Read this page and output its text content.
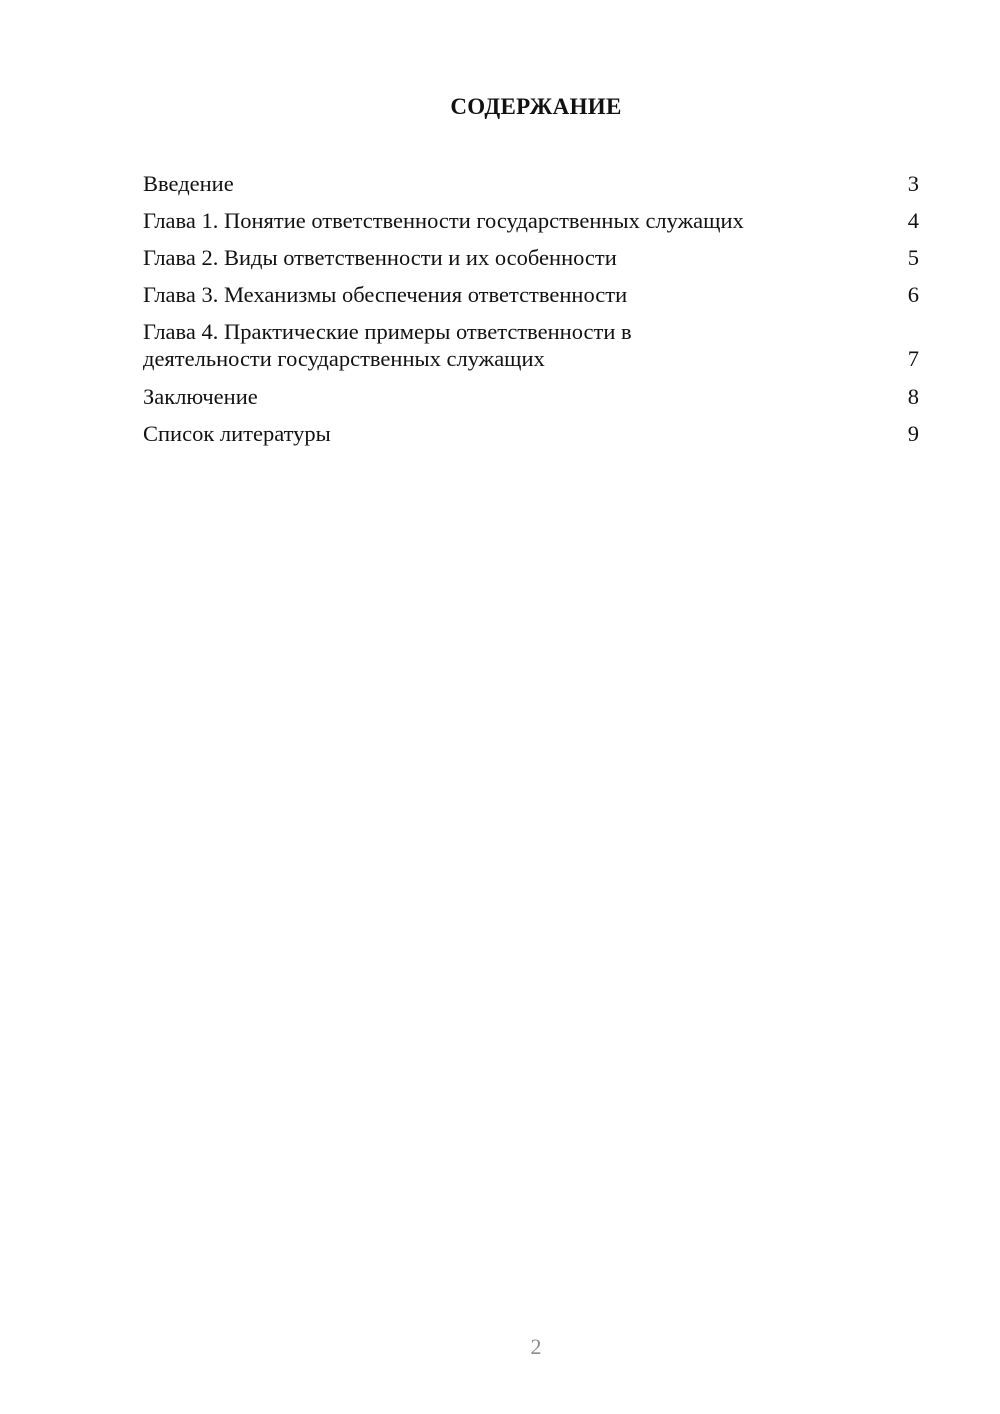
СОДЕРЖАНИЕ
Введение	3
Глава 1. Понятие ответственности государственных служащих	4
Глава 2. Виды ответственности и их особенности	5
Глава 3. Механизмы обеспечения ответственности	6
Глава 4. Практические примеры ответственности в
деятельности государственных служащих	7
Заключение	8
Список литературы	9
2
